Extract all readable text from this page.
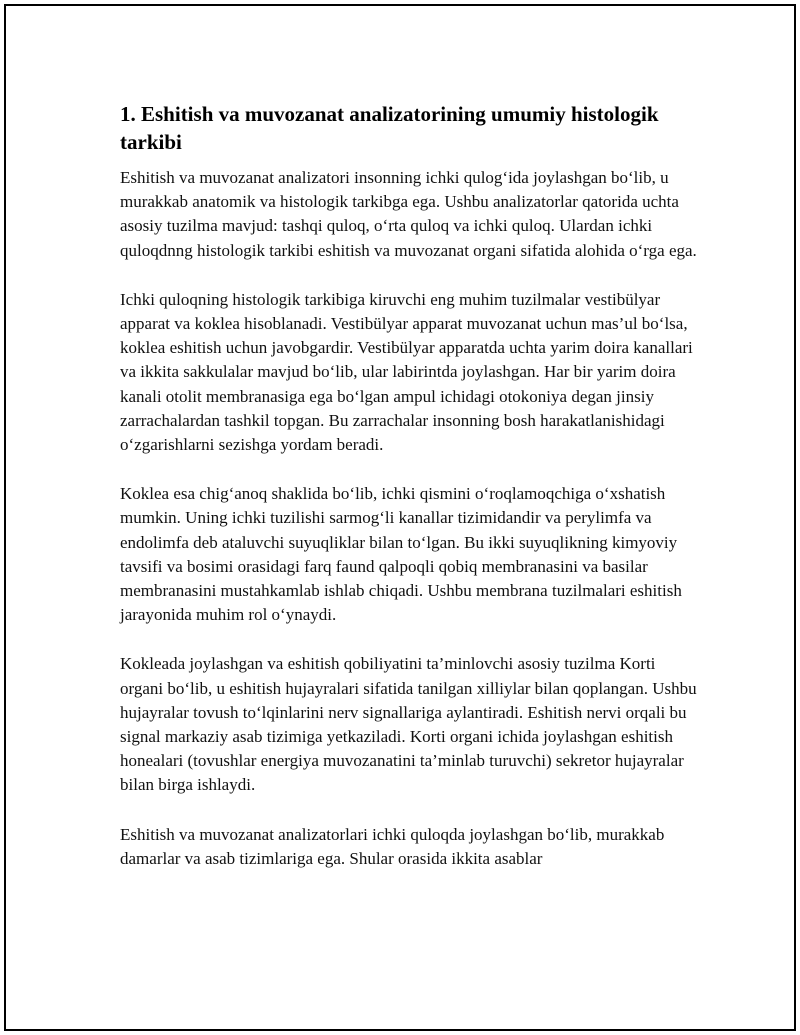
1. Eshitish va muvozanat analizatorining umumiy histologik tarkibi

Eshitish va muvozanat analizatori insonning ichki qulog‘ida joylashgan bo‘lib, u murakkab anatomik va histologik tarkibga ega. Ushbu analizatorlar qatorida uchta asosiy tuzilma mavjud: tashqi quloq, o‘rta quloq va ichki quloq. Ulardan ichki quloqdnng histologik tarkibi eshitish va muvozanat organi sifatida alohida o‘rga ega.

Ichki quloqning histologik tarkibiga kiruvchi eng muhim tuzilmalar vestibülyar apparat va koklea hisoblanadi. Vestibülyar apparat muvozanat uchun mas’ul bo‘lsa, koklea eshitish uchun javobgardir. Vestibülyar apparatda uchta yarim doira kanallari va ikkita sakkulalar mavjud bo‘lib, ular labirintda joylashgan. Har bir yarim doira kanali otolit membranasiga ega bo‘lgan ampul ichidagi otokoniya degan jinsiy zarrachalardan tashkil topgan. Bu zarrachalar insonning bosh harakatlanishidagi o‘zgarishlarni sezishga yordam beradi.

Koklea esa chig‘anoq shaklida bo‘lib, ichki qismini o‘roqlamoqchiga o‘xshatish mumkin. Uning ichki tuzilishi sarmog‘li kanallar tizimidandir va perylimfa va endolimfa deb ataluvchi suyuqliklar bilan to‘lgan. Bu ikki suyuqlikning kimyoviy tavsifi va bosimi orasidagi farq faund qalpoqli qobiq membranasini va basilar membranasini mustahkamlab ishlab chiqadi. Ushbu membrana tuzilmalari eshitish jarayonida muhim rol o‘ynaydi.

Kokleada joylashgan va eshitish qobiliyatini ta’minlovchi asosiy tuzilma Korti organi bo‘lib, u eshitish hujayralari sifatida tanilgan xilliylar bilan qoplangan. Ushbu hujayralar tovush to‘lqinlarini nerv signallariga aylantiradi. Eshitish nervi orqali bu signal markaziy asab tizimiga yetkaziladi. Korti organi ichida joylashgan eshitish honealari (tovushlar energiya muvozanatini ta’minlab turuvchi) sekretor hujayralar bilan birga ishlaydi.

Eshitish va muvozanat analizatorlari ichki quloqda joylashgan bo‘lib, murakkab damarlar va asab tizimlariga ega. Shular orasida ikkita asablar
